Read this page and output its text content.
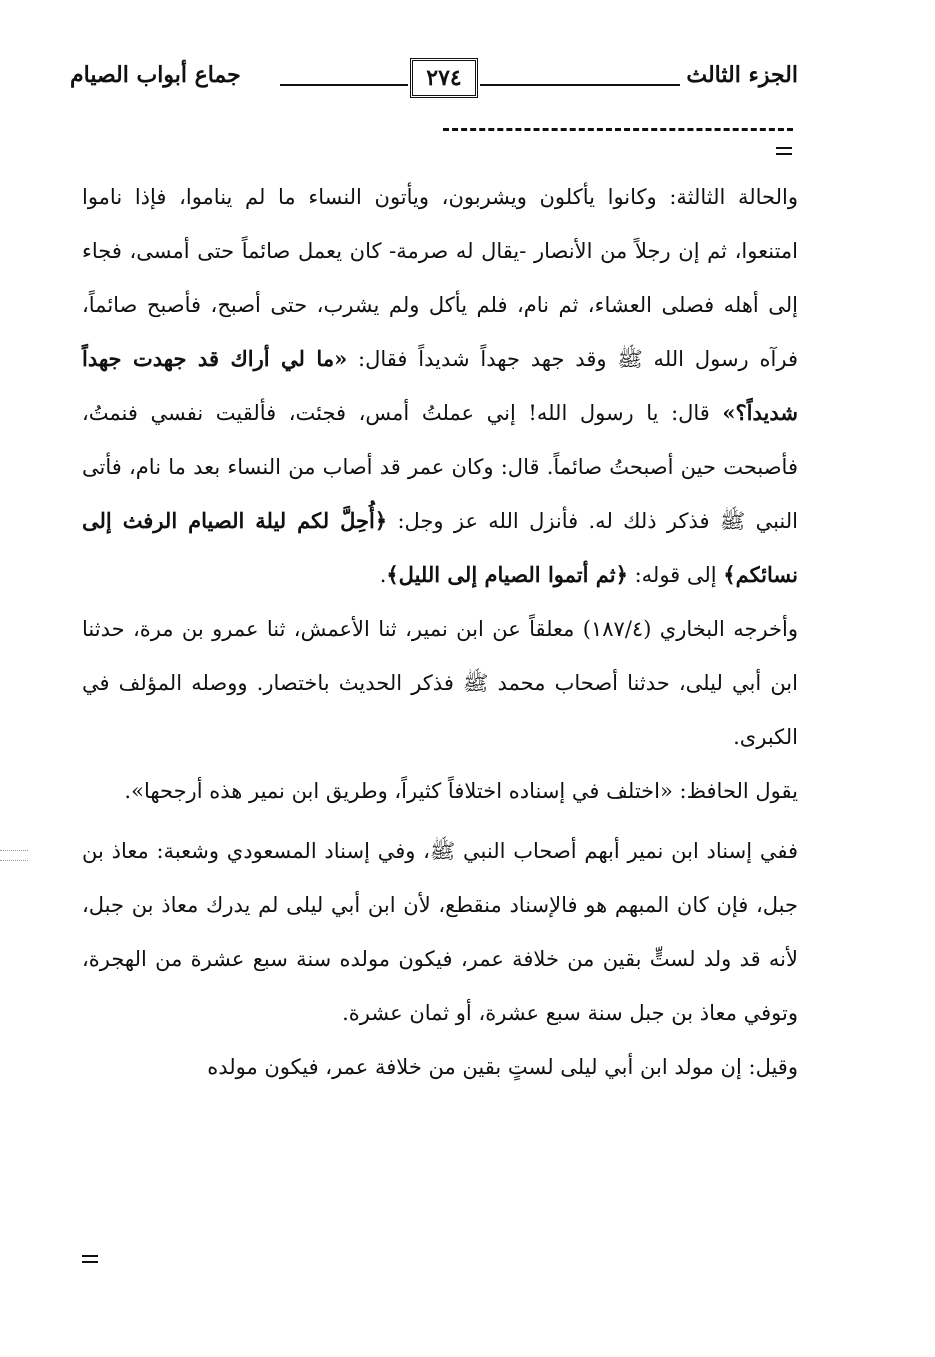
الجزء الثالث
٢٧٤
جماع أبواب الصيام

والحالة الثالثة: وكانوا يأكلون ويشربون، ويأتون النساء ما لم يناموا، فإذا ناموا امتنعوا، ثم إن رجلاً من الأنصار -يقال له صرمة- كان يعمل صائماً حتى أمسى، فجاء إلى أهله فصلى العشاء، ثم نام، فلم يأكل ولم يشرب، حتى أصبح، فأصبح صائماً، فرآه رسول الله ﷺ وقد جهد جهداً شديداً فقال: «ما لي أراك قد جهدت جهداً شديداً؟» قال: يا رسول الله! إني عملتُ أمس، فجئت، فألقيت نفسي فنمتُ، فأصبحت حين أصبحتُ صائماً. قال: وكان عمر قد أصاب من النساء بعد ما نام، فأتى النبي ﷺ فذكر ذلك له. فأنزل الله عز وجل: ﴿أُحِلَّ لكم ليلة الصيام الرفث إلى نسائكم﴾ إلى قوله: ﴿ثم أتموا الصيام إلى الليل﴾.

وأخرجه البخاري (١٨٧/٤) معلقاً عن ابن نمير، ثنا الأعمش، ثنا عمرو بن مرة، حدثنا ابن أبي ليلى، حدثنا أصحاب محمد ﷺ فذكر الحديث باختصار. ووصله المؤلف في الكبرى.

يقول الحافظ: «اختلف في إسناده اختلافاً كثيراً، وطريق ابن نمير هذه أرجحها».

ففي إسناد ابن نمير أبهم أصحاب النبي ﷺ، وفي إسناد المسعودي وشعبة: معاذ بن جبل، فإن كان المبهم هو فالإسناد منقطع، لأن ابن أبي ليلى لم يدرك معاذ بن جبل، لأنه قد ولد لستٍّ بقين من خلافة عمر، فيكون مولده سنة سبع عشرة من الهجرة، وتوفي معاذ بن جبل سنة سبع عشرة، أو ثمان عشرة.

وقيل: إن مولد ابن أبي ليلى لستٍ بقين من خلافة عمر، فيكون مولده
